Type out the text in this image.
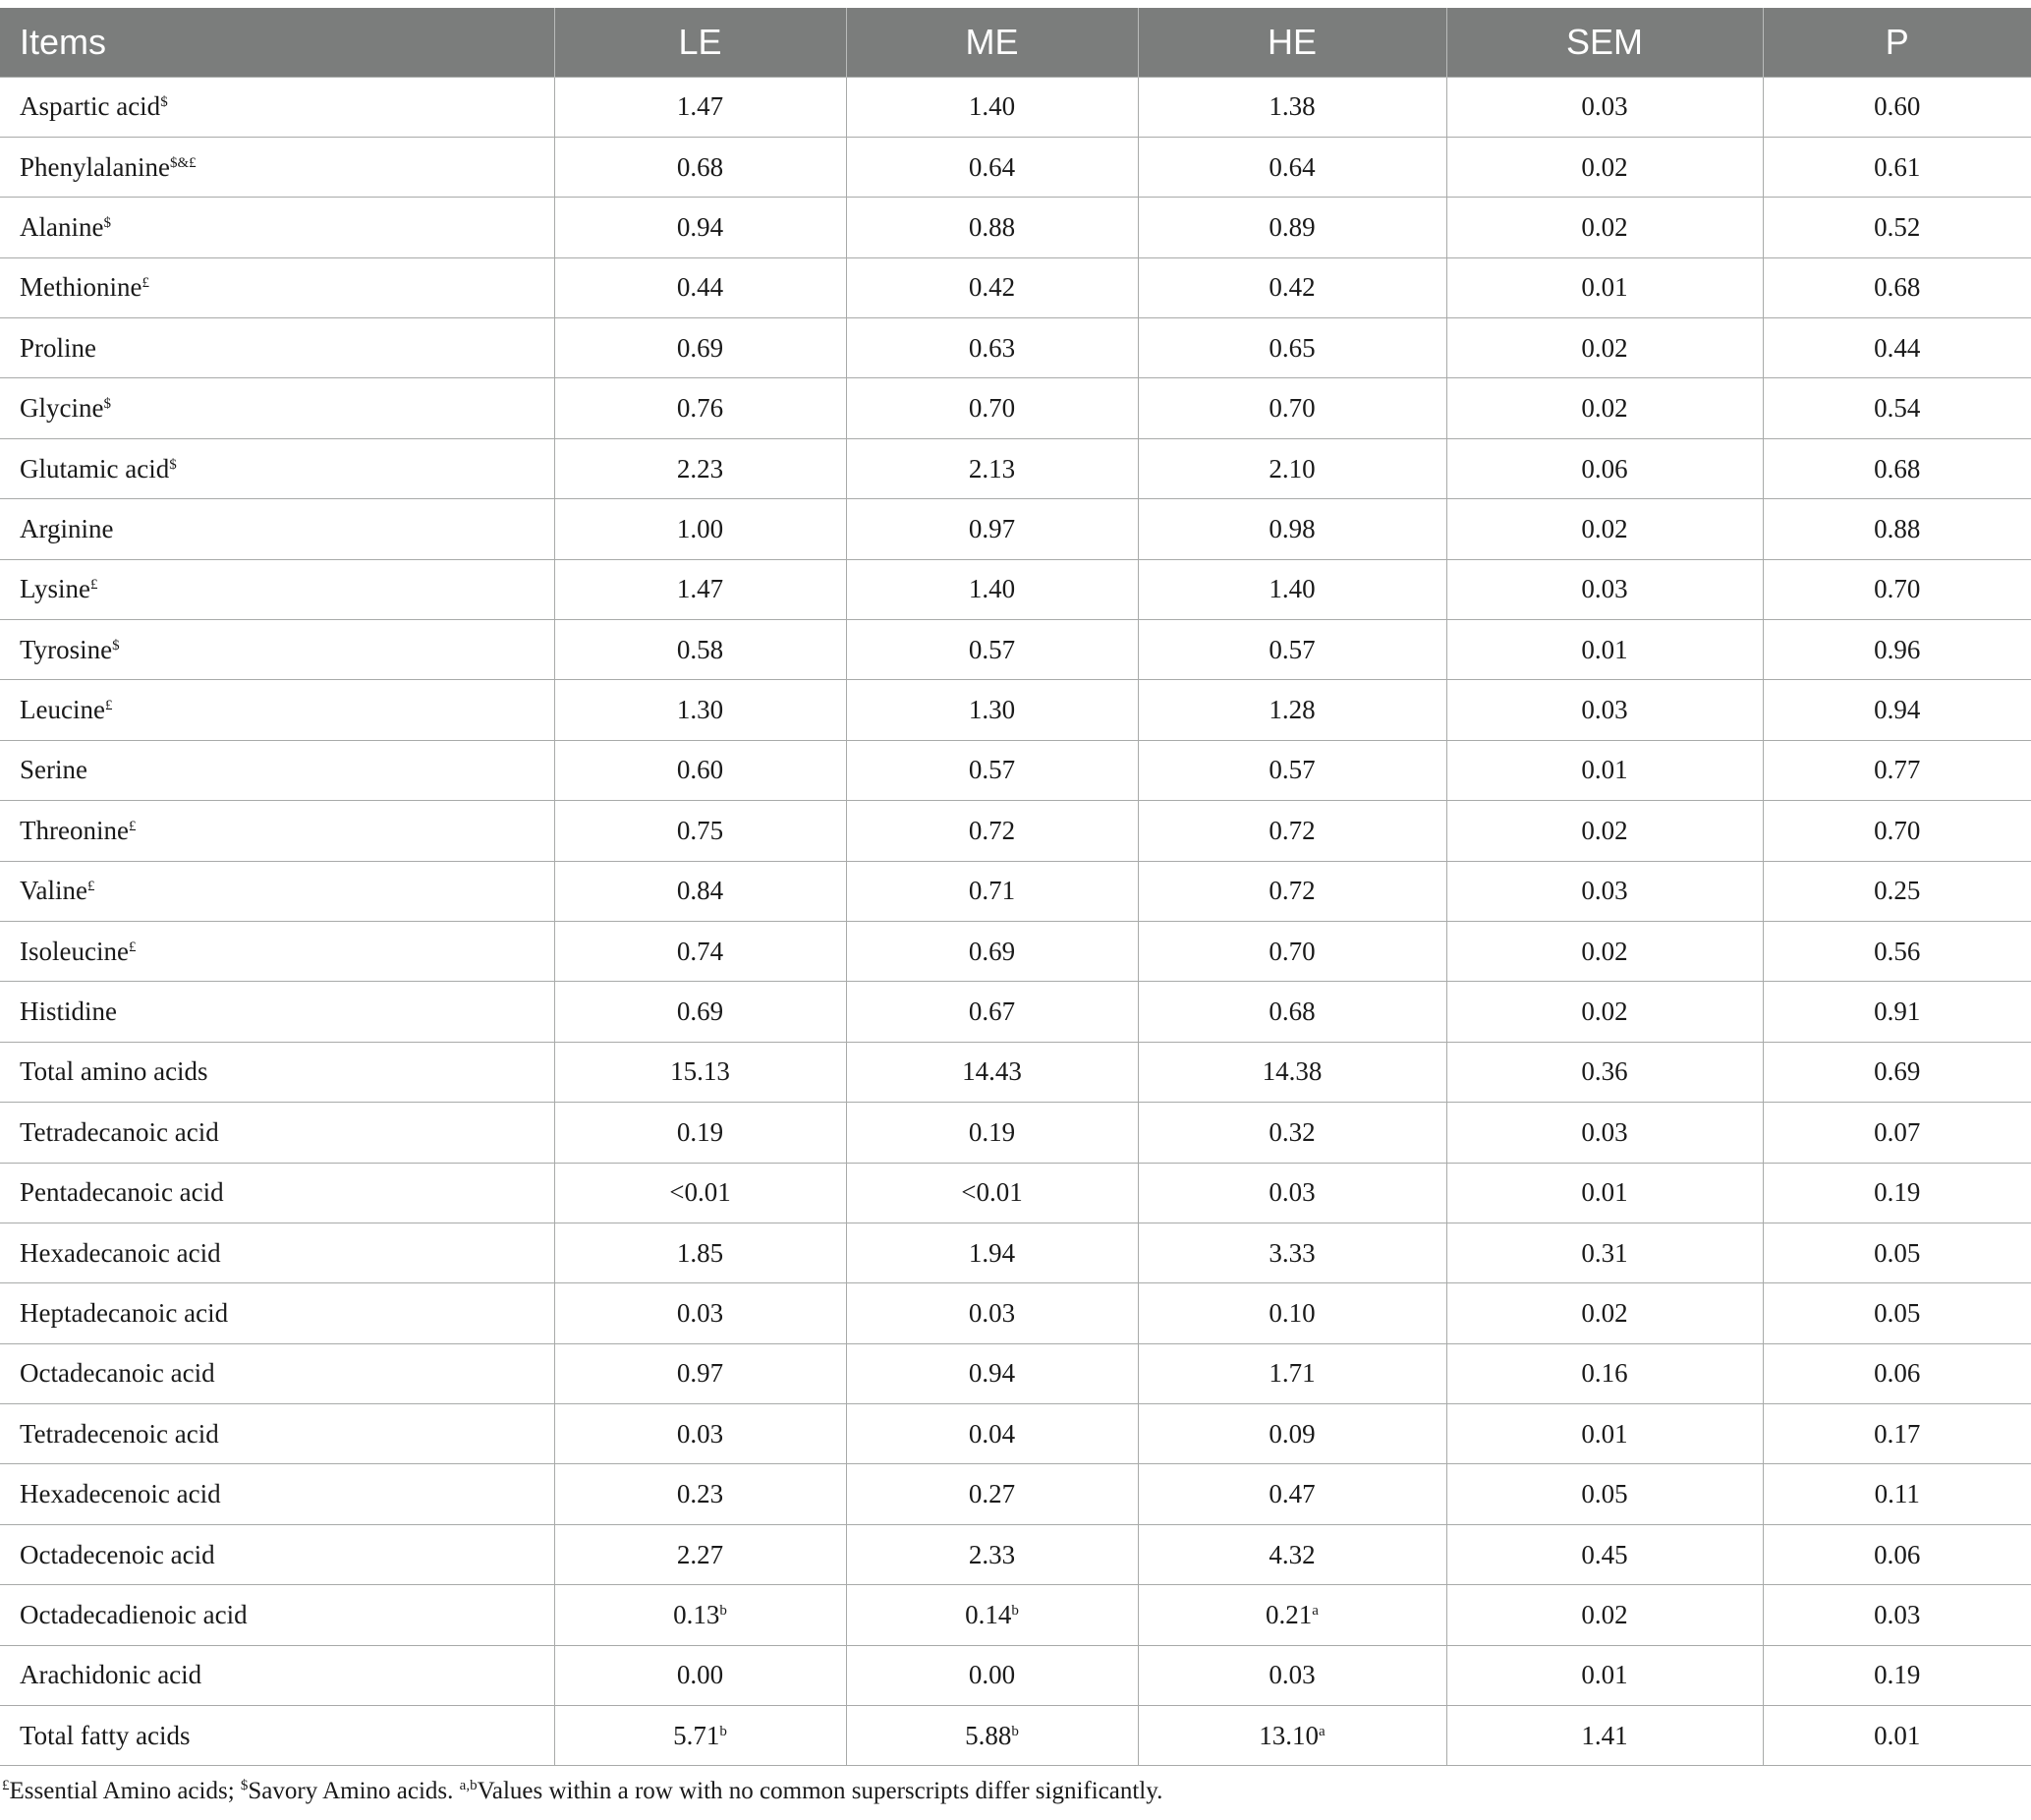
Items	LE	ME	HE	SEM	P
Aspartic acid$	1.47	1.40	1.38	0.03	0.60
Phenylalanine$&£	0.68	0.64	0.64	0.02	0.61
Alanine$	0.94	0.88	0.89	0.02	0.52
Methionine£	0.44	0.42	0.42	0.01	0.68
Proline	0.69	0.63	0.65	0.02	0.44
Glycine$	0.76	0.70	0.70	0.02	0.54
Glutamic acid$	2.23	2.13	2.10	0.06	0.68
Arginine	1.00	0.97	0.98	0.02	0.88
Lysine£	1.47	1.40	1.40	0.03	0.70
Tyrosine$	0.58	0.57	0.57	0.01	0.96
Leucine£	1.30	1.30	1.28	0.03	0.94
Serine	0.60	0.57	0.57	0.01	0.77
Threonine£	0.75	0.72	0.72	0.02	0.70
Valine£	0.84	0.71	0.72	0.03	0.25
Isoleucine£	0.74	0.69	0.70	0.02	0.56
Histidine	0.69	0.67	0.68	0.02	0.91
Total amino acids	15.13	14.43	14.38	0.36	0.69
Tetradecanoic acid	0.19	0.19	0.32	0.03	0.07
Pentadecanoic acid	<0.01	<0.01	0.03	0.01	0.19
Hexadecanoic acid	1.85	1.94	3.33	0.31	0.05
Heptadecanoic acid	0.03	0.03	0.10	0.02	0.05
Octadecanoic acid	0.97	0.94	1.71	0.16	0.06
Tetradecenoic acid	0.03	0.04	0.09	0.01	0.17
Hexadecenoic acid	0.23	0.27	0.47	0.05	0.11
Octadecenoic acid	2.27	2.33	4.32	0.45	0.06
Octadecadienoic acid	0.13$^b$	0.14$^b$	0.21$^a$	0.02	0.03
Arachidonic acid	0.00	0.00	0.03	0.01	0.19
Total fatty acids	5.71$^b$	5.88$^b$	13.10$^a$	1.41	0.01
£Essential Amino acids; $Savory Amino acids. $^{a,b}$Values within a row with no common superscripts differ significantly.
